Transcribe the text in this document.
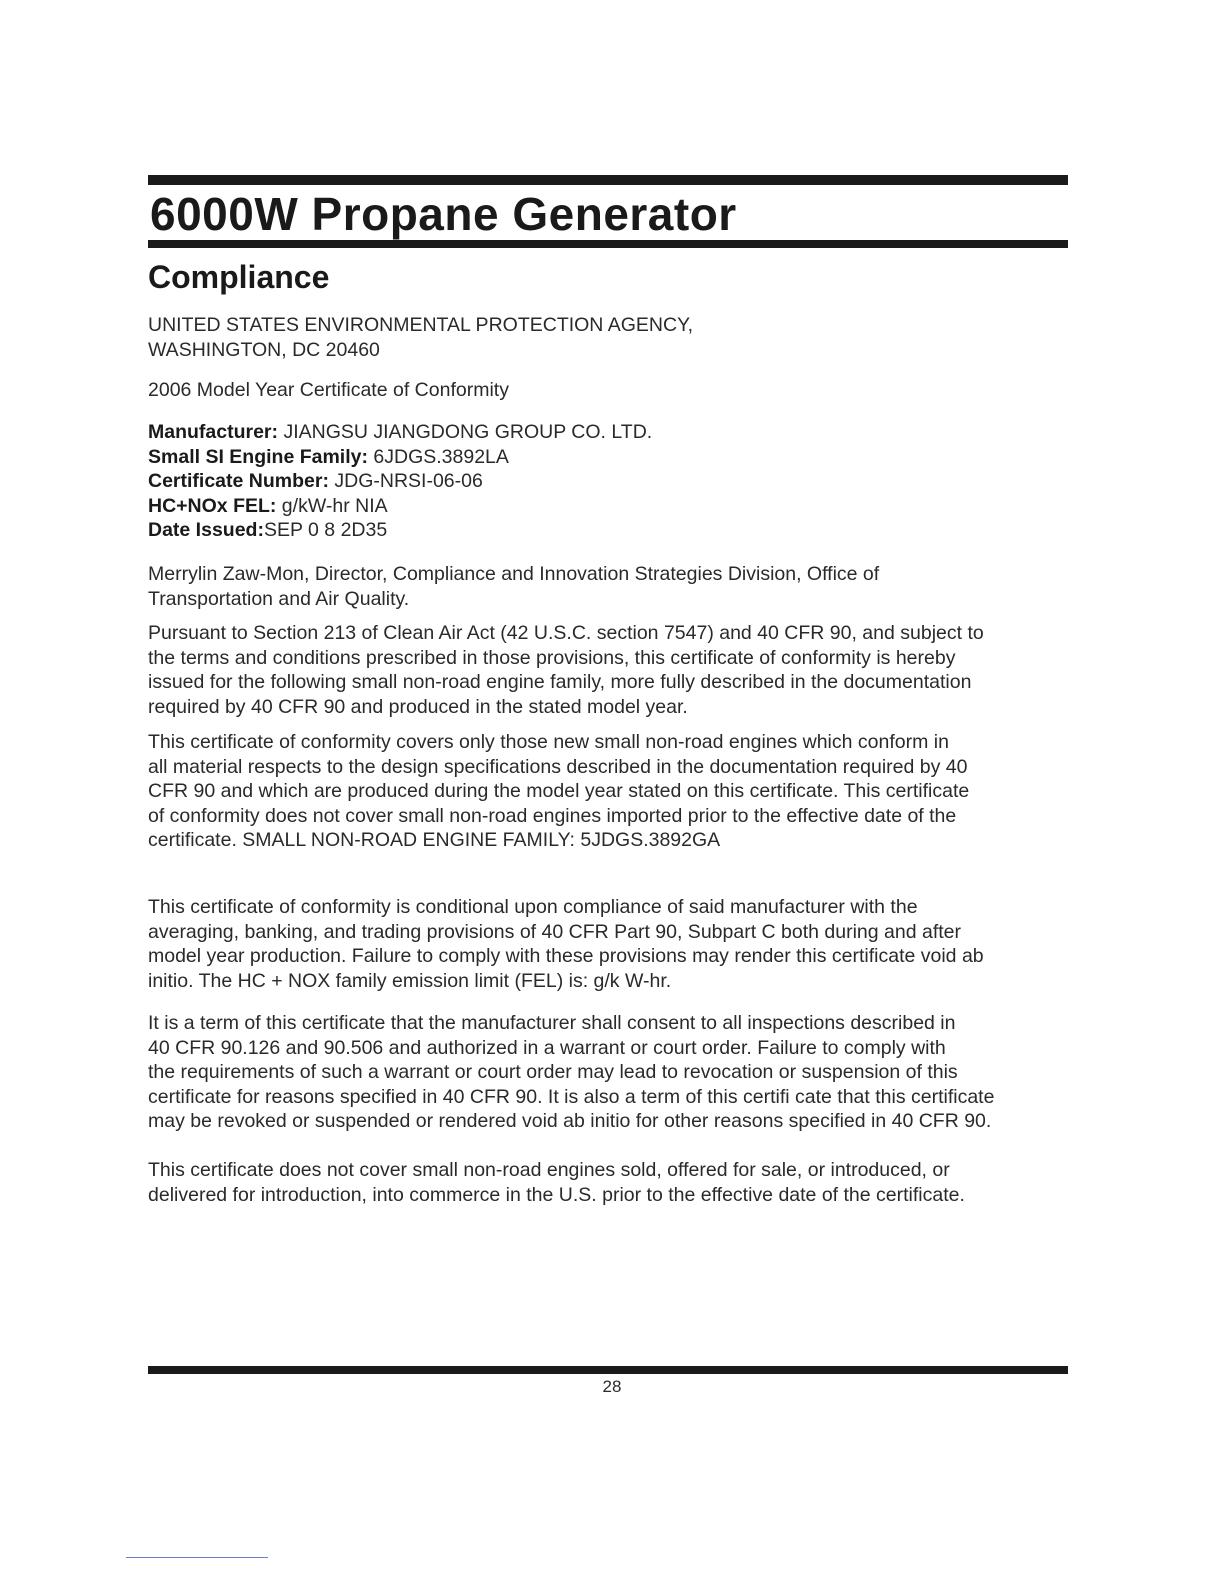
6000W Propane Generator
Compliance

UNITED STATES ENVIRONMENTAL PROTECTION AGENCY,
WASHINGTON, DC 20460

2006 Model Year Certificate of Conformity

Manufacturer: JIANGSU JIANGDONG GROUP CO. LTD.
Small SI Engine Family: 6JDGS.3892LA
Certificate Number: JDG-NRSI-06-06
HC+NOx FEL: g/kW-hr NIA
Date Issued:SEP 0 8 2D35

Merrylin Zaw-Mon, Director, Compliance and Innovation Strategies Division, Office of
Transportation and Air Quality.

Pursuant to Section 213 of Clean Air Act (42 U.S.C. section 7547) and 40 CFR 90, and subject to
the terms and conditions prescribed in those provisions, this certificate of conformity is hereby
issued for the following small non-road engine family, more fully described in the documentation
required by 40 CFR 90 and produced in the stated model year.

This certificate of conformity covers only those new small non-road engines which conform in
all material respects to the design specifications described in the documentation required by 40
CFR 90 and which are produced during the model year stated on this certificate. This certificate
of conformity does not cover small non-road engines imported prior to the effective date of the
certificate. SMALL NON-ROAD ENGINE FAMILY: 5JDGS.3892GA

This certificate of conformity is conditional upon compliance of said manufacturer with the
averaging, banking, and trading provisions of 40 CFR Part 90, Subpart C both during and after
model year production. Failure to comply with these provisions may render this certificate void ab
initio. The HC + NOX family emission limit (FEL) is: g/k W-hr.

It is a term of this certificate that the manufacturer shall consent to all inspections described in
40 CFR 90.126 and 90.506 and authorized in a warrant or court order. Failure to comply with
the requirements of such a warrant or court order may lead to revocation or suspension of this
certificate for reasons specified in 40 CFR 90. It is also a term of this certifi cate that this certificate
may be revoked or suspended or rendered void ab initio for other reasons specified in 40 CFR 90.

This certificate does not cover small non-road engines sold, offered for sale, or introduced, or
delivered for introduction, into commerce in the U.S. prior to the effective date of the certificate.

28
